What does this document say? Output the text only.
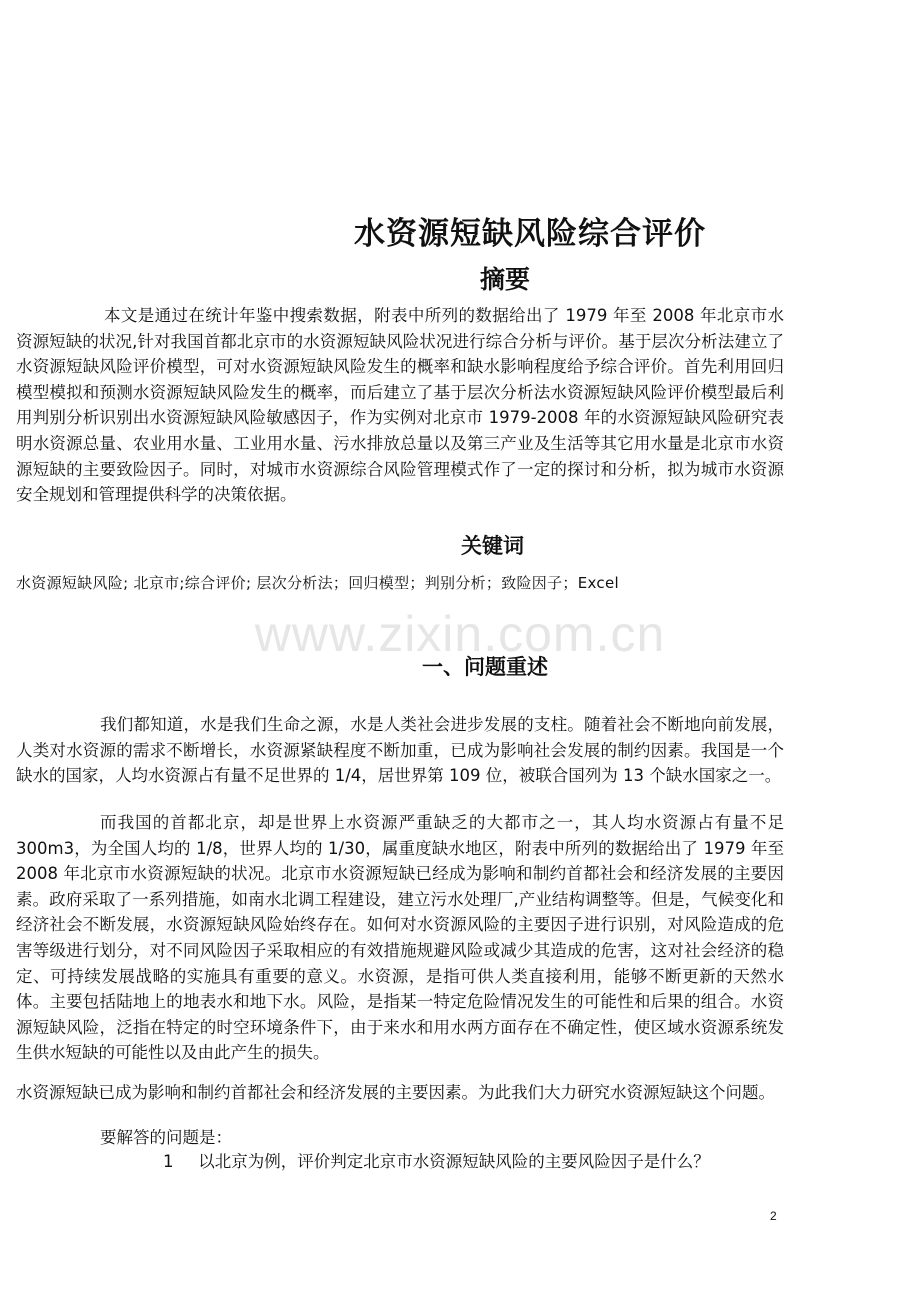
水资源短缺风险综合评价
摘要

本文是通过在统计年鉴中搜索数据，附表中所列的数据给出了 1979 年至 2008 年北京市水资源短缺的状况,针对我国首都北京市的水资源短缺风险状况进行综合分析与评价。基于层次分析法建立了水资源短缺风险评价模型，可对水资源短缺风险发生的概率和缺水影响程度给予综合评价。首先利用回归模型模拟和预测水资源短缺风险发生的概率，而后建立了基于层次分析法水资源短缺风险评价模型最后利用判别分析识别出水资源短缺风险敏感因子，作为实例对北京市 1979-2008 年的水资源短缺风险研究表明水资源总量、农业用水量、工业用水量、污水排放总量以及第三产业及生活等其它用水量是北京市水资源短缺的主要致险因子。同时，对城市水资源综合风险管理模式作了一定的探讨和分析，拟为城市水资源安全规划和管理提供科学的决策依据。

关键词
水资源短缺风险; 北京市;综合评价; 层次分析法；回归模型；判别分析；致险因子；Excel
www.zixin.com.cn
一、问题重述

我们都知道，水是我们生命之源，水是人类社会进步发展的支柱。随着社会不断地向前发展，人类对水资源的需求不断增长，水资源紧缺程度不断加重，已成为影响社会发展的制约因素。我国是一个缺水的国家，人均水资源占有量不足世界的 1/4，居世界第 109 位，被联合国列为 13 个缺水国家之一。

而我国的首都北京，却是世界上水资源严重缺乏的大都市之一，其人均水资源占有量不足 300m3，为全国人均的 1/8，世界人均的 1/30，属重度缺水地区，附表中所列的数据给出了 1979 年至 2008 年北京市水资源短缺的状况。北京市水资源短缺已经成为影响和制约首都社会和经济发展的主要因素。政府采取了一系列措施，如南水北调工程建设，建立污水处理厂,产业结构调整等。但是，气候变化和经济社会不断发展，水资源短缺风险始终存在。如何对水资源风险的主要因子进行识别，对风险造成的危害等级进行划分，对不同风险因子采取相应的有效措施规避风险或减少其造成的危害，这对社会经济的稳定、可持续发展战略的实施具有重要的意义。水资源，是指可供人类直接利用，能够不断更新的天然水体。主要包括陆地上的地表水和地下水。风险，是指某一特定危险情况发生的可能性和后果的组合。水资源短缺风险，泛指在特定的时空环境条件下，由于来水和用水两方面存在不确定性，使区域水资源系统发生供水短缺的可能性以及由此产生的损失。

水资源短缺已成为影响和制约首都社会和经济发展的主要因素。为此我们大力研究水资源短缺这个问题。

要解答的问题是：

1 以北京为例，评价判定北京市水资源短缺风险的主要风险因子是什么？
2
